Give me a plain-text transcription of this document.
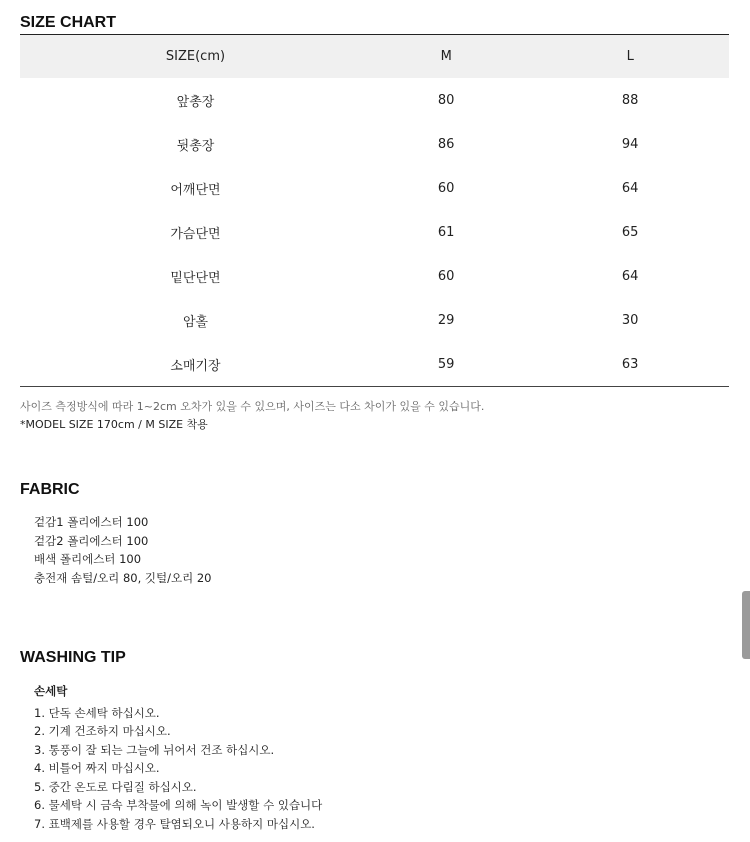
SIZE CHART
SIZE(cm)	M	L
앞총장	80	88
뒷총장	86	94
어깨단면	60	64
가슴단면	61	65
밑단단면	60	64
암홀	29	30
소매기장	59	63
사이즈 측정방식에 따라 1~2cm 오차가 있을 수 있으며, 사이즈는 다소 차이가 있을 수 있습니다.
*MODEL SIZE 170cm / M SIZE 착용
FABRIC
겉감1 폴리에스터 100
겉감2 폴리에스터 100
배색 폴리에스터 100
충전재 솜털/오리 80, 깃털/오리 20
WASHING TIP
손세탁
1. 단독 손세탁 하십시오.
2. 기계 건조하지 마십시오.
3. 통풍이 잘 되는 그늘에 뉘어서 건조 하십시오.
4. 비틀어 짜지 마십시오.
5. 중간 온도로 다림질 하십시오.
6. 물세탁 시 금속 부착물에 의해 녹이 발생할 수 있습니다
7. 표백제를 사용할 경우 탈염되오니 사용하지 마십시오.
